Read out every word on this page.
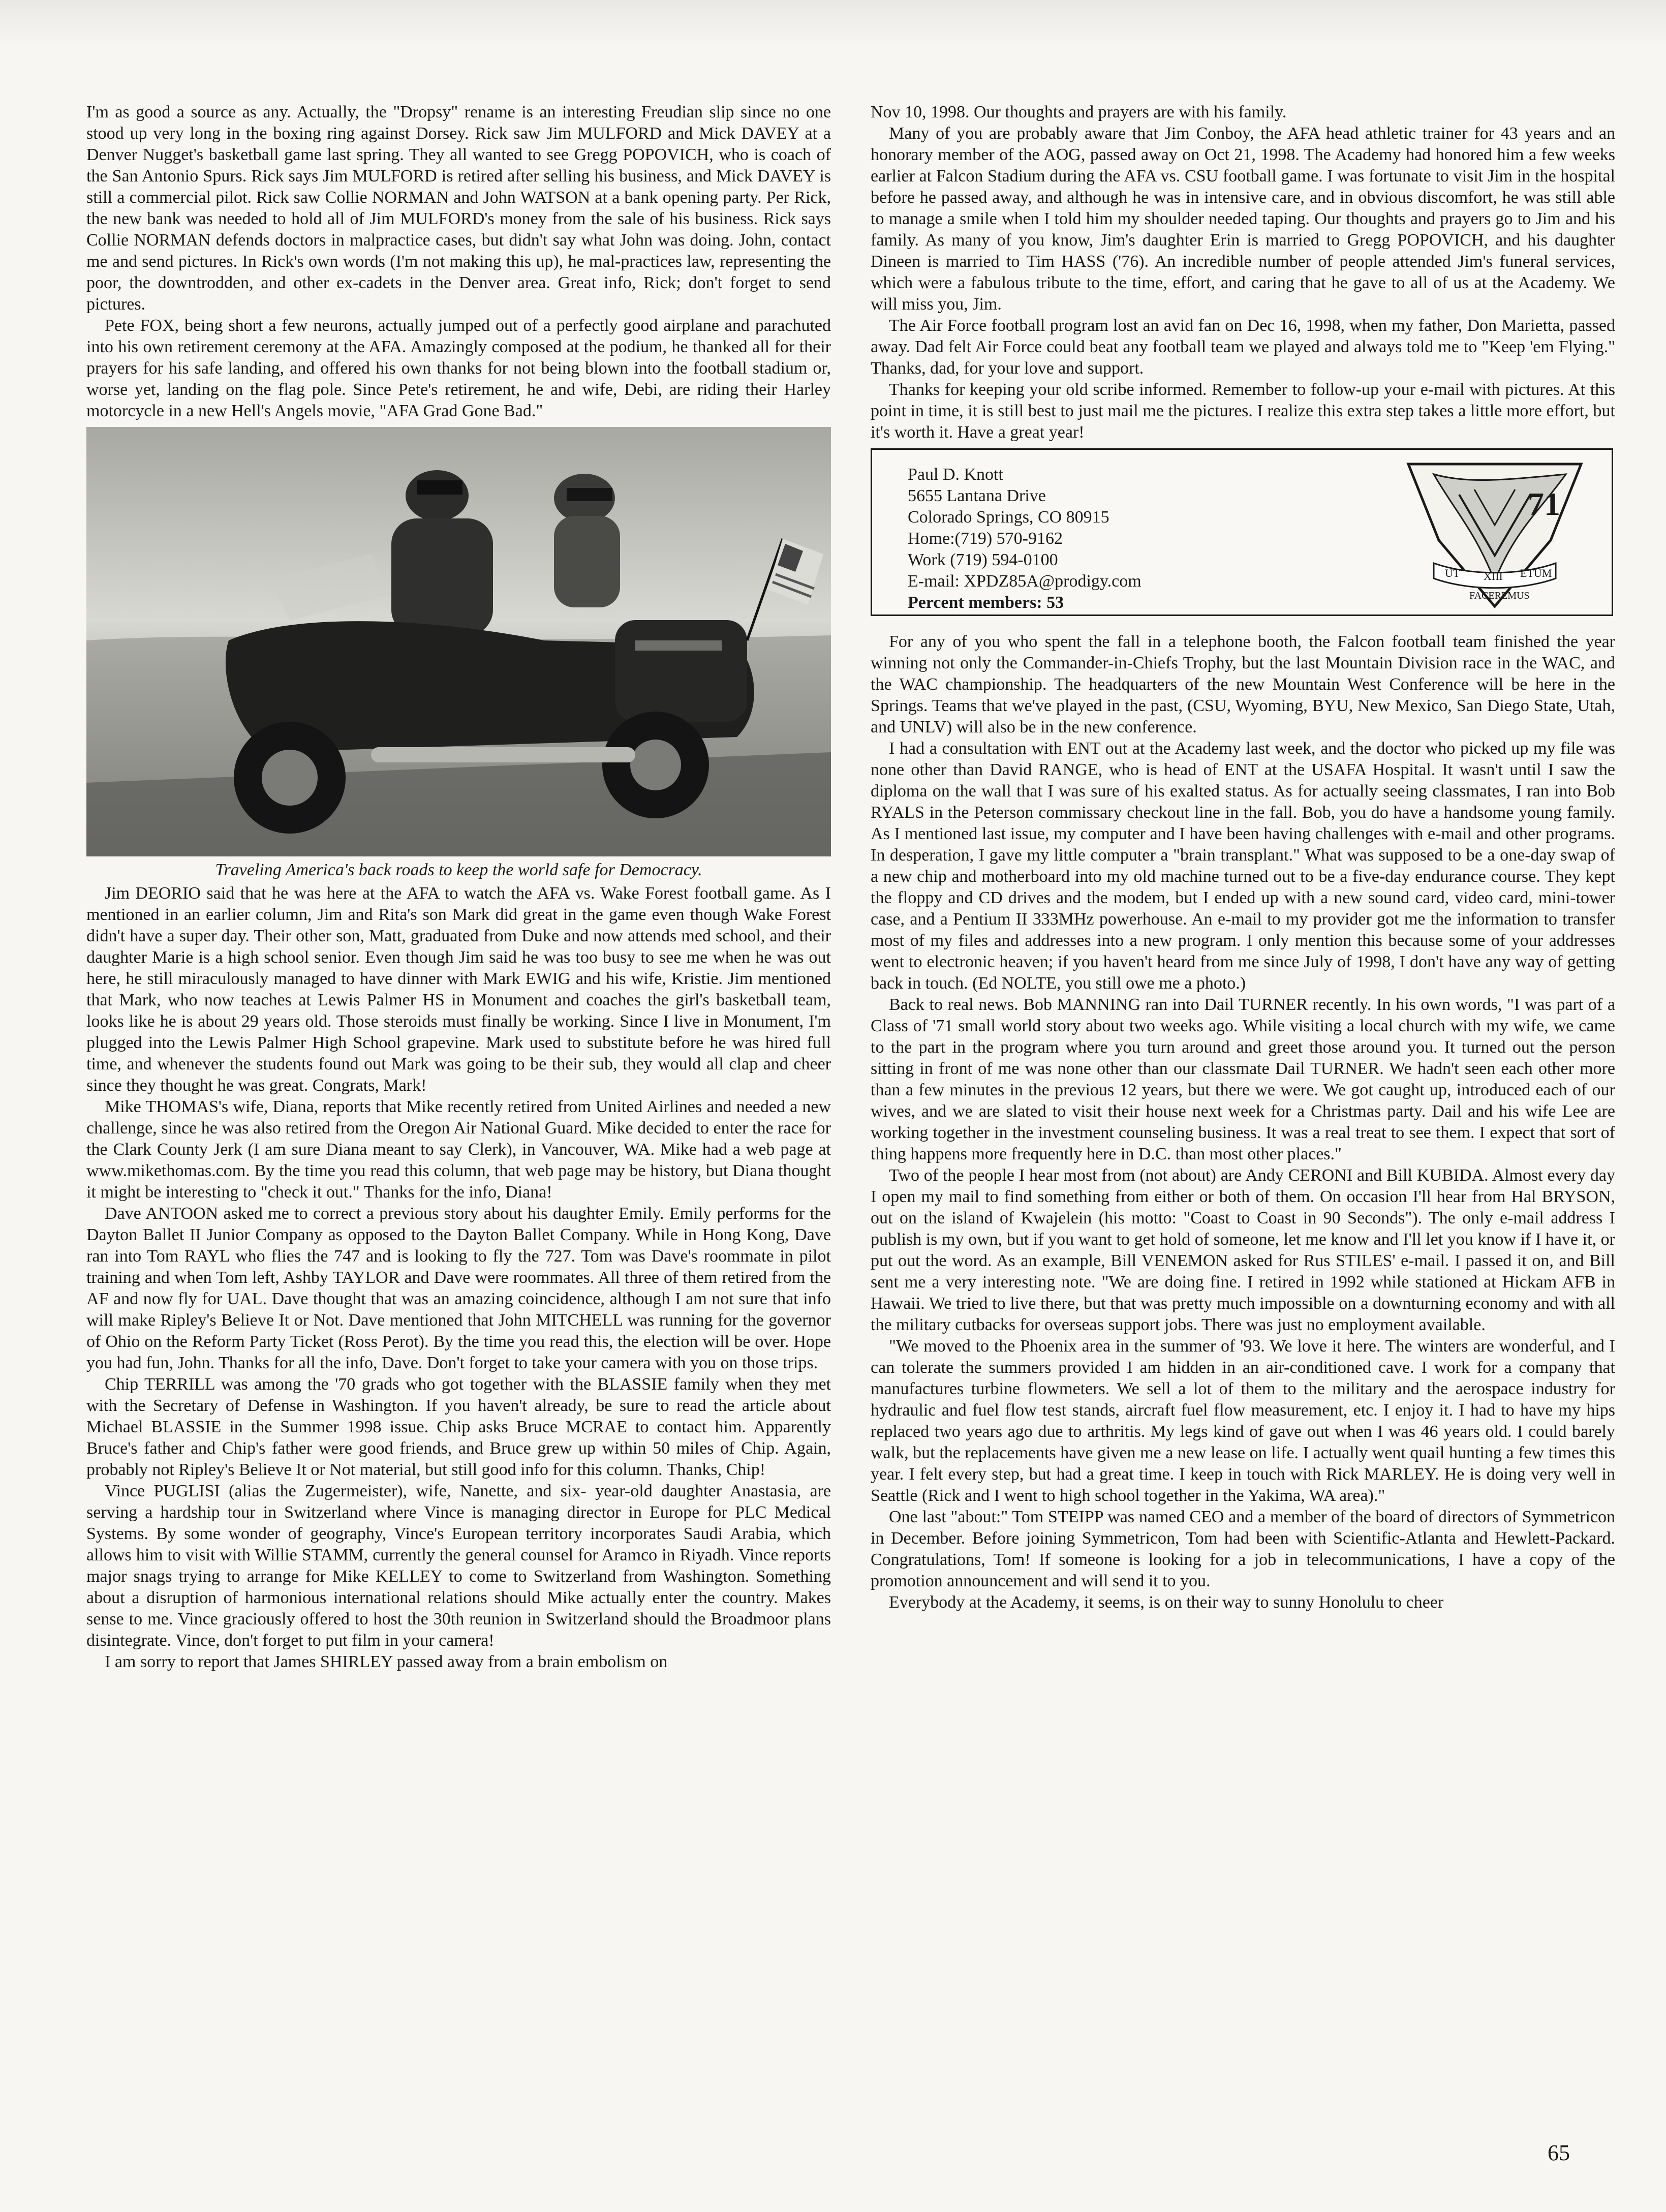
I'm as good a source as any. Actually, the "Dropsy" rename is an interesting Freudian slip since no one stood up very long in the boxing ring against Dorsey. Rick saw Jim MULFORD and Mick DAVEY at a Denver Nugget's basketball game last spring. They all wanted to see Gregg POPOVICH, who is coach of the San Antonio Spurs. Rick says Jim MULFORD is retired after selling his business, and Mick DAVEY is still a commercial pilot. Rick saw Collie NORMAN and John WATSON at a bank opening party. Per Rick, the new bank was needed to hold all of Jim MULFORD's money from the sale of his business. Rick says Collie NORMAN defends doctors in malpractice cases, but didn't say what John was doing. John, contact me and send pictures. In Rick's own words (I'm not making this up), he mal-practices law, representing the poor, the downtrodden, and other ex-cadets in the Denver area. Great info, Rick; don't forget to send pictures.

Pete FOX, being short a few neurons, actually jumped out of a perfectly good airplane and parachuted into his own retirement ceremony at the AFA. Amazingly composed at the podium, he thanked all for their prayers for his safe landing, and offered his own thanks for not being blown into the football stadium or, worse yet, landing on the flag pole. Since Pete's retirement, he and wife, Debi, are riding their Harley motorcycle in a new Hell's Angels movie, "AFA Grad Gone Bad."

Traveling America's back roads to keep the world safe for Democracy.

Jim DEORIO said that he was here at the AFA to watch the AFA vs. Wake Forest football game. As I mentioned in an earlier column, Jim and Rita's son Mark did great in the game even though Wake Forest didn't have a super day. Their other son, Matt, graduated from Duke and now attends med school, and their daughter Marie is a high school senior. Even though Jim said he was too busy to see me when he was out here, he still miraculously managed to have dinner with Mark EWIG and his wife, Kristie. Jim mentioned that Mark, who now teaches at Lewis Palmer HS in Monument and coaches the girl's basketball team, looks like he is about 29 years old. Those steroids must finally be working. Since I live in Monument, I'm plugged into the Lewis Palmer High School grapevine. Mark used to substitute before he was hired full time, and whenever the students found out Mark was going to be their sub, they would all clap and cheer since they thought he was great. Congrats, Mark!

Mike THOMAS's wife, Diana, reports that Mike recently retired from United Airlines and needed a new challenge, since he was also retired from the Oregon Air National Guard. Mike decided to enter the race for the Clark County Jerk (I am sure Diana meant to say Clerk), in Vancouver, WA. Mike had a web page at www.mikethomas.com. By the time you read this column, that web page may be history, but Diana thought it might be interesting to "check it out." Thanks for the info, Diana!

Dave ANTOON asked me to correct a previous story about his daughter Emily. Emily performs for the Dayton Ballet II Junior Company as opposed to the Dayton Ballet Company. While in Hong Kong, Dave ran into Tom RAYL who flies the 747 and is looking to fly the 727. Tom was Dave's roommate in pilot training and when Tom left, Ashby TAYLOR and Dave were roommates. All three of them retired from the AF and now fly for UAL. Dave thought that was an amazing coincidence, although I am not sure that info will make Ripley's Believe It or Not. Dave mentioned that John MITCHELL was running for the governor of Ohio on the Reform Party Ticket (Ross Perot). By the time you read this, the election will be over. Hope you had fun, John. Thanks for all the info, Dave. Don't forget to take your camera with you on those trips.

Chip TERRILL was among the '70 grads who got together with the BLASSIE family when they met with the Secretary of Defense in Washington. If you haven't already, be sure to read the article about Michael BLASSIE in the Summer 1998 issue. Chip asks Bruce MCRAE to contact him. Apparently Bruce's father and Chip's father were good friends, and Bruce grew up within 50 miles of Chip. Again, probably not Ripley's Believe It or Not material, but still good info for this column. Thanks, Chip!

Vince PUGLISI (alias the Zugermeister), wife, Nanette, and six- year-old daughter Anastasia, are serving a hardship tour in Switzerland where Vince is managing director in Europe for PLC Medical Systems. By some wonder of geography, Vince's European territory incorporates Saudi Arabia, which allows him to visit with Willie STAMM, currently the general counsel for Aramco in Riyadh. Vince reports major snags trying to arrange for Mike KELLEY to come to Switzerland from Washington. Something about a disruption of harmonious international relations should Mike actually enter the country. Makes sense to me. Vince graciously offered to host the 30th reunion in Switzerland should the Broadmoor plans disintegrate. Vince, don't forget to put film in your camera!

I am sorry to report that James SHIRLEY passed away from a brain embolism on

Nov 10, 1998. Our thoughts and prayers are with his family.

Many of you are probably aware that Jim Conboy, the AFA head athletic trainer for 43 years and an honorary member of the AOG, passed away on Oct 21, 1998. The Academy had honored him a few weeks earlier at Falcon Stadium during the AFA vs. CSU football game. I was fortunate to visit Jim in the hospital before he passed away, and although he was in intensive care, and in obvious discomfort, he was still able to manage a smile when I told him my shoulder needed taping. Our thoughts and prayers go to Jim and his family. As many of you know, Jim's daughter Erin is married to Gregg POPOVICH, and his daughter Dineen is married to Tim HASS ('76). An incredible number of people attended Jim's funeral services, which were a fabulous tribute to the time, effort, and caring that he gave to all of us at the Academy. We will miss you, Jim.

The Air Force football program lost an avid fan on Dec 16, 1998, when my father, Don Marietta, passed away. Dad felt Air Force could beat any football team we played and always told me to "Keep 'em Flying." Thanks, dad, for your love and support.

Thanks for keeping your old scribe informed. Remember to follow-up your e-mail with pictures. At this point in time, it is still best to just mail me the pictures. I realize this extra step takes a little more effort, but it's worth it. Have a great year!

Paul D. Knott
5655 Lantana Drive
Colorado Springs, CO 80915
Home:(719) 570-9162
Work (719) 594-0100
E-mail: XPDZ85A@prodigy.com
Percent members: 53
71
UT XIII ETUM
FACEREMUS

For any of you who spent the fall in a telephone booth, the Falcon football team finished the year winning not only the Commander-in-Chiefs Trophy, but the last Mountain Division race in the WAC, and the WAC championship. The headquarters of the new Mountain West Conference will be here in the Springs. Teams that we've played in the past, (CSU, Wyoming, BYU, New Mexico, San Diego State, Utah, and UNLV) will also be in the new conference.

I had a consultation with ENT out at the Academy last week, and the doctor who picked up my file was none other than David RANGE, who is head of ENT at the USAFA Hospital. It wasn't until I saw the diploma on the wall that I was sure of his exalted status. As for actually seeing classmates, I ran into Bob RYALS in the Peterson commissary checkout line in the fall. Bob, you do have a handsome young family. As I mentioned last issue, my computer and I have been having challenges with e-mail and other programs. In desperation, I gave my little computer a "brain transplant." What was supposed to be a one-day swap of a new chip and motherboard into my old machine turned out to be a five-day endurance course. They kept the floppy and CD drives and the modem, but I ended up with a new sound card, video card, mini-tower case, and a Pentium II 333MHz powerhouse. An e-mail to my provider got me the information to transfer most of my files and addresses into a new program. I only mention this because some of your addresses went to electronic heaven; if you haven't heard from me since July of 1998, I don't have any way of getting back in touch. (Ed NOLTE, you still owe me a photo.)

Back to real news. Bob MANNING ran into Dail TURNER recently. In his own words, "I was part of a Class of '71 small world story about two weeks ago. While visiting a local church with my wife, we came to the part in the program where you turn around and greet those around you. It turned out the person sitting in front of me was none other than our classmate Dail TURNER. We hadn't seen each other more than a few minutes in the previous 12 years, but there we were. We got caught up, introduced each of our wives, and we are slated to visit their house next week for a Christmas party. Dail and his wife Lee are working together in the investment counseling business. It was a real treat to see them. I expect that sort of thing happens more frequently here in D.C. than most other places."

Two of the people I hear most from (not about) are Andy CERONI and Bill KUBIDA. Almost every day I open my mail to find something from either or both of them. On occasion I'll hear from Hal BRYSON, out on the island of Kwajelein (his motto: "Coast to Coast in 90 Seconds"). The only e-mail address I publish is my own, but if you want to get hold of someone, let me know and I'll let you know if I have it, or put out the word. As an example, Bill VENEMON asked for Rus STILES' e-mail. I passed it on, and Bill sent me a very interesting note. "We are doing fine. I retired in 1992 while stationed at Hickam AFB in Hawaii. We tried to live there, but that was pretty much impossible on a downturning economy and with all the military cutbacks for overseas support jobs. There was just no employment available.

"We moved to the Phoenix area in the summer of '93. We love it here. The winters are wonderful, and I can tolerate the summers provided I am hidden in an air-conditioned cave. I work for a company that manufactures turbine flowmeters. We sell a lot of them to the military and the aerospace industry for hydraulic and fuel flow test stands, aircraft fuel flow measurement, etc. I enjoy it. I had to have my hips replaced two years ago due to arthritis. My legs kind of gave out when I was 46 years old. I could barely walk, but the replacements have given me a new lease on life. I actually went quail hunting a few times this year. I felt every step, but had a great time. I keep in touch with Rick MARLEY. He is doing very well in Seattle (Rick and I went to high school together in the Yakima, WA area)."

One last "about:" Tom STEIPP was named CEO and a member of the board of directors of Symmetricon in December. Before joining Symmetricon, Tom had been with Scientific-Atlanta and Hewlett-Packard. Congratulations, Tom! If someone is looking for a job in telecommunications, I have a copy of the promotion announcement and will send it to you.

Everybody at the Academy, it seems, is on their way to sunny Honolulu to cheer

65
